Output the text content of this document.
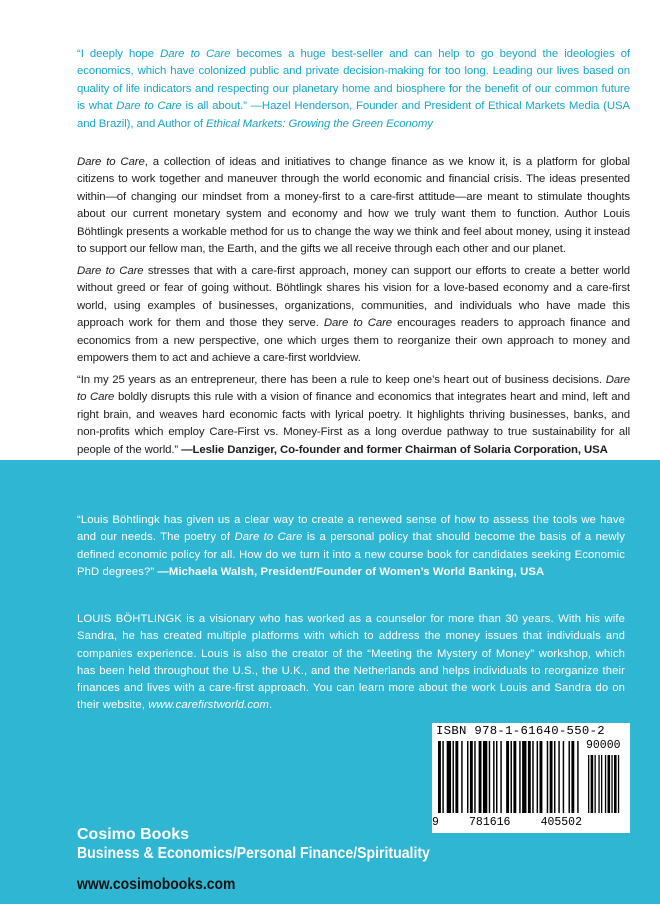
“I deeply hope Dare to Care becomes a huge best-seller and can help to go beyond the ideologies of economics, which have colonized public and private decision-making for too long. Leading our lives based on quality of life indicators and respecting our planetary home and biosphere for the benefit of our common future is what Dare to Care is all about.” —Hazel Henderson, Founder and President of Ethical Markets Media (USA and Brazil), and Author of Ethical Markets: Growing the Green Economy

Dare to Care, a collection of ideas and initiatives to change finance as we know it, is a platform for global citizens to work together and maneuver through the world economic and financial crisis. The ideas presented within—of changing our mindset from a money-first to a care-first attitude—are meant to stimulate thoughts about our current monetary system and economy and how we truly want them to function. Author Louis Böhtlingk presents a workable method for us to change the way we think and feel about money, using it instead to support our fellow man, the Earth, and the gifts we all receive through each other and our planet.

Dare to Care stresses that with a care-first approach, money can support our efforts to create a better world without greed or fear of going without. Böhtlingk shares his vision for a love-based economy and a care-first world, using examples of businesses, organizations, communities, and individuals who have made this approach work for them and those they serve. Dare to Care encourages readers to approach finance and economics from a new perspective, one which urges them to reorganize their own approach to money and empowers them to act and achieve a care-first worldview.

“In my 25 years as an entrepreneur, there has been a rule to keep one’s heart out of business decisions. Dare to Care boldly disrupts this rule with a vision of finance and economics that integrates heart and mind, left and right brain, and weaves hard economic facts with lyrical poetry. It highlights thriving businesses, banks, and non-profits which employ Care-First vs. Money-First as a long overdue pathway to true sustainability for all people of the world.” —Leslie Danziger, Co-founder and former Chairman of Solaria Corporation, USA

“Louis Böhtlingk has given us a clear way to create a renewed sense of how to assess the tools we have and our needs. The poetry of Dare to Care is a personal policy that should become the basis of a newly defined economic policy for all. How do we turn it into a new course book for candidates seeking Economic PhD degrees?” —Michaela Walsh, President/Founder of Women’s World Banking, USA

LOUIS BÖHTLINGK is a visionary who has worked as a counselor for more than 30 years. With his wife Sandra, he has created multiple platforms with which to address the money issues that individuals and companies experience. Louis is also the creator of the “Meeting the Mystery of Money” workshop, which has been held throughout the U.S., the U.K., and the Netherlands and helps individuals to reorganize their finances and lives with a care-first approach. You can learn more about the work Louis and Sandra do on their website, www.carefirstworld.com.

ISBN 978-1-61640-550-2
90000
9	781616	405502
Cosimo Books
Business & Economics/Personal Finance/Spirituality
www.cosimobooks.com
